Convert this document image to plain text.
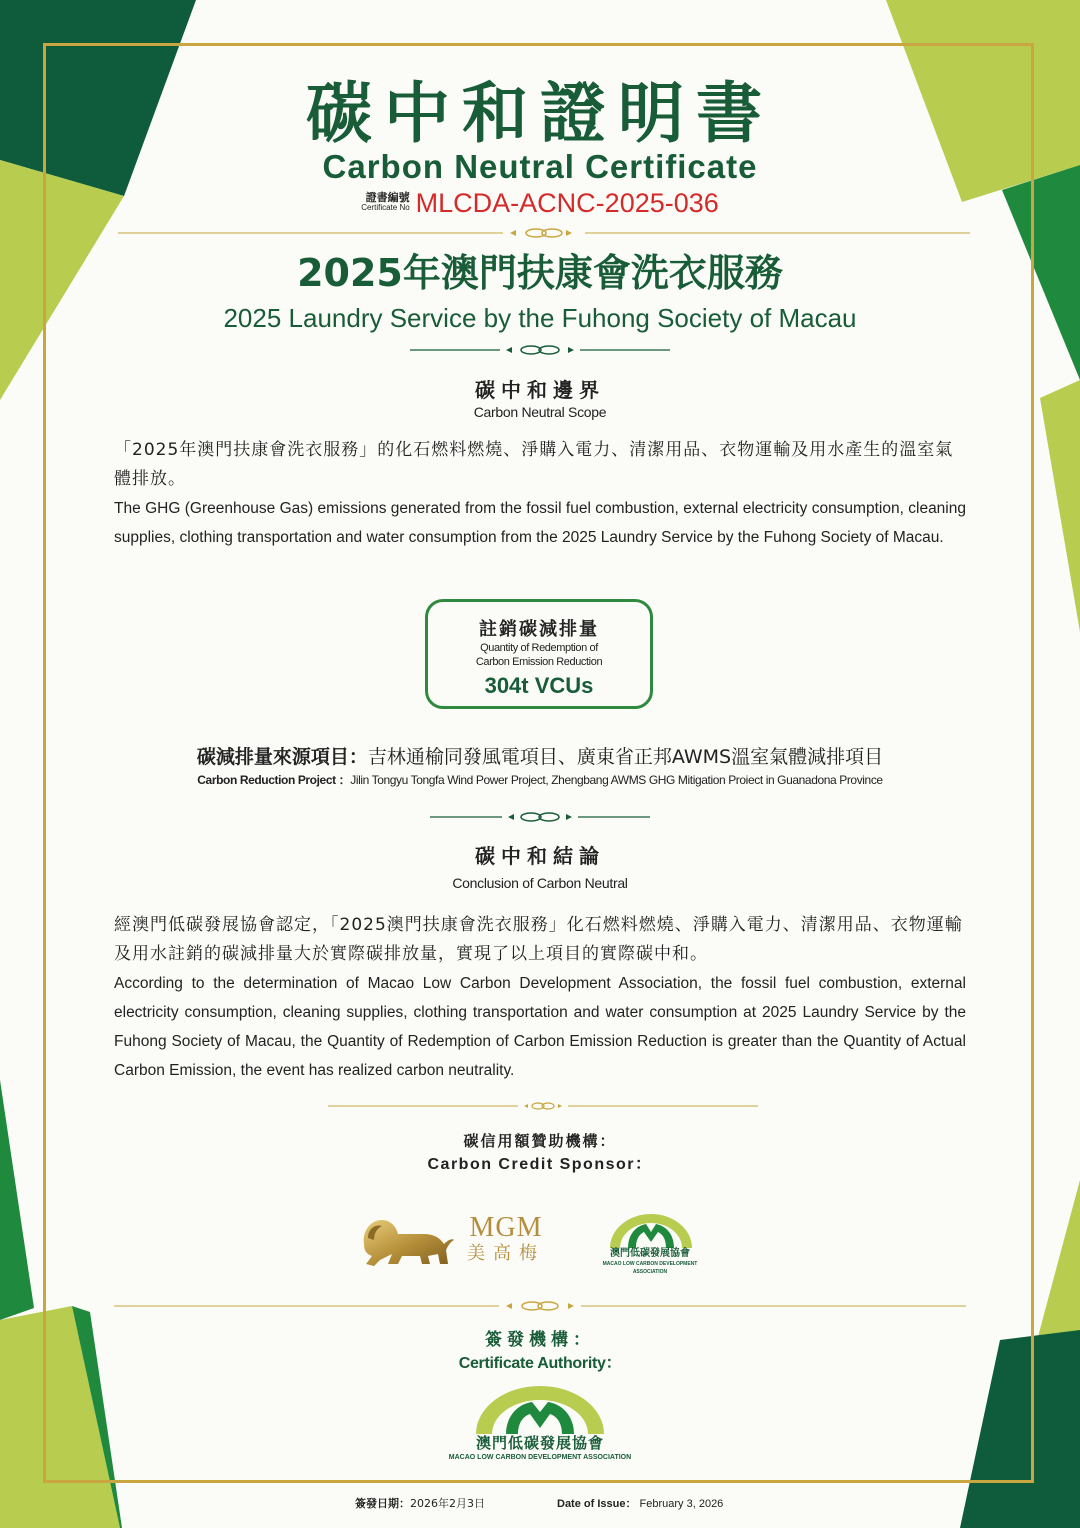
碳中和證明書
Carbon Neutral Certificate
證書編號
Certificate No MLCDA-ACNC-2025-036
2025年澳門扶康會洗衣服務
2025 Laundry Service by the Fuhong Society of Macau
碳中和邊界
Carbon Neutral Scope
「2025年澳門扶康會洗衣服務」的化石燃料燃燒、淨購入電力、清潔用品、衣物運輸及用水產生的溫室氣體排放。
The GHG (Greenhouse Gas) emissions generated from the fossil fuel combustion, external electricity consumption, cleaning supplies, clothing transportation and water consumption from the 2025 Laundry Service by the Fuhong Society of Macau.
註銷碳減排量
Quantity of Redemption of
Carbon Emission Reduction
304t VCUs
碳減排量來源項目：吉林通榆同發風電項目、廣東省正邦AWMS溫室氣體減排項目
Carbon Reduction Project ：Jilin Tongyu Tongfa Wind Power Project, Zhengbang AWMS GHG Mitigation Proiect in Guanadona Province
碳中和結論
Conclusion of Carbon Neutral
經澳門低碳發展協會認定，「2025澳門扶康會洗衣服務」化石燃料燃燒、淨購入電力、清潔用品、衣物運輸及用水註銷的碳減排量大於實際碳排放量，實現了以上項目的實際碳中和。
According to the determination of Macao Low Carbon Development Association, the fossil fuel combustion, external electricity consumption, cleaning supplies, clothing transportation and water consumption at 2025 Laundry Service by the Fuhong Society of Macau, the Quantity of Redemption of Carbon Emission Reduction is greater than the Quantity of Actual Carbon Emission, the event has realized carbon neutrality.
碳信用額贊助機構：
Carbon Credit Sponsor：
MGM
美高梅	澳門低碳發展協會
MACAO LOW CARBON DEVELOPMENT ASSOCIATION
簽發機構：
Certificate Authority：
澳門低碳發展協會
MACAO LOW CARBON DEVELOPMENT ASSOCIATION
簽發日期：2026年2月3日	Date of Issue： February 3, 2026
